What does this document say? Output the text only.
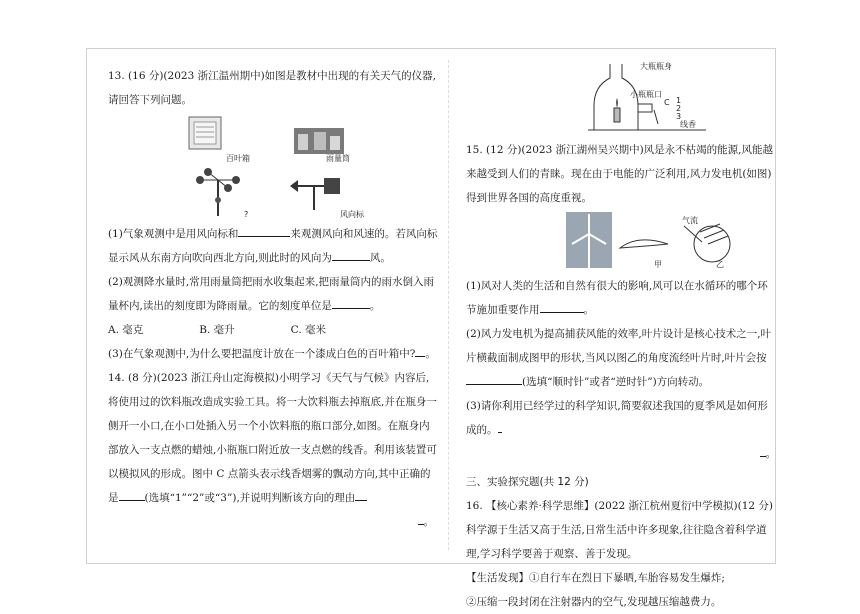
13. (16 分)(2023 浙江温州期中)如图是教材中出现的有关天气的仪器,请回答下列问题。

百叶箱	雨量筒
?	风向标

(1)气象观测中是用风向标和	来观测风向和风速的。若风向标显示风从东南方向吹向西北方向,则此时的风向为	风。

(2)观测降水量时,常用雨量筒把雨水收集起来,把雨量筒内的雨水倒入雨量杯内,读出的刻度即为降雨量。它的刻度单位是	。

A. 毫克	B. 毫升	C. 毫米

(3)在气象观测中,为什么要把温度计放在一个漆成白色的百叶箱中? 。

14. (8 分)(2023 浙江舟山定海模拟)小明学习《天气与气候》内容后,将使用过的饮料瓶改造成实验工具。将一大饮料瓶去掉瓶底,并在瓶身一侧开一小口,在小口处插入另一个小饮料瓶的瓶口部分,如图。在瓶身内部放入一支点燃的蜡烛,小瓶瓶口附近放一支点燃的线香。利用该装置可以模拟风的形成。图中 C 点箭头表示线香烟雾的飘动方向,其中正确的是 (选填“1”“2”或“3”),并说明判断该方向的理由

。

大瓶瓶身
小瓶瓶口
C 1
2
3
线香

15. (12 分)(2023 浙江湖州吴兴期中)风是永不枯竭的能源,风能越来越受到人们的青睐。现在由于电能的广泛利用,风力发电机(如图)得到世界各国的高度重视。

甲
气流
乙

(1)风对人类的生活和自然有很大的影响,风可以在水循环的哪个环节施加重要作用	。

(2)风力发电机为提高捕获风能的效率,叶片设计是核心技术之一,叶片横截面制成图甲的形状,当风以图乙的角度流经叶片时,叶片会按(选填“顺时针”或者“逆时针”)方向转动。

(3)请你利用已经学过的科学知识,简要叙述我国的夏季风是如何形成的。

。

三、实验探究题(共 12 分)

16. 【核心素养·科学思维】(2022 浙江杭州夏衍中学模拟)(12 分)科学源于生活又高于生活,日常生活中许多现象,往往隐含着科学道理,学习科学要善于观察、善于发现。

【生活发现】①自行车在烈日下暴晒,车胎容易发生爆炸;

②压缩一段封闭在注射器内的空气,发现越压缩越费力。
